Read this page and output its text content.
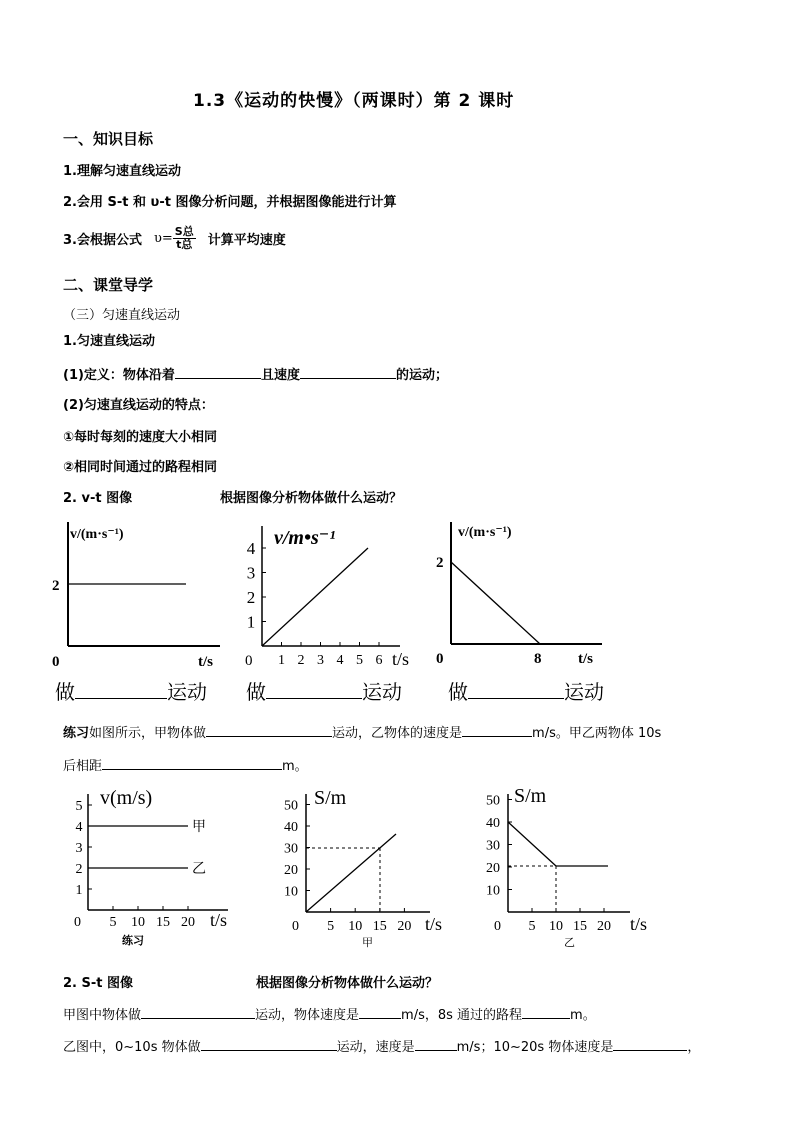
1.3《运动的快慢》（两课时）第 2 课时
一、知识目标
1.理解匀速直线运动
2.会用 S-t 和 υ-t 图像分析问题，并根据图像能进行计算
3.会根据公式 $\upsilon= \frac{\text{S总}}{\text{t总}}$ 计算平均速度
二、课堂导学
（三）匀速直线运动
1.匀速直线运动
(1)定义：物体沿着	且速度	的运动；
(2)匀速直线运动的特点：
①每时每刻的速度大小相同
②相同时间通过的路程相同
2. v-t 图像	根据图像分析物体做什么运动？
v/(m·s⁻¹)
2
0	t/s
1
2
3
4
1 2 3 4 5 6
v/m•s⁻¹
0	t/s
v/(m·s⁻¹)
2
0	8 t/s
做	运动 做	运动 做	运动
练习如图所示，甲物体做	运动，乙物体的速度是	m/s。甲乙两物体 10s
后相距	m。
1
2
3
4
5
5 10 15 20
v(m/s)
甲
乙
0	t/s
练习
10
20
30
40
50
5 10 15 20
S/m
0	t/s
甲
10
20
30
40
50
5 10 15 20
S/m
0	t/s
乙
2. S-t 图像	根据图像分析物体做什么运动？
甲图中物体做	运动，物体速度是	m/s，8s 通过的路程	m。
乙图中，0~10s 物体做	运动，速度是	m/s；10~20s 物体速度是	，
